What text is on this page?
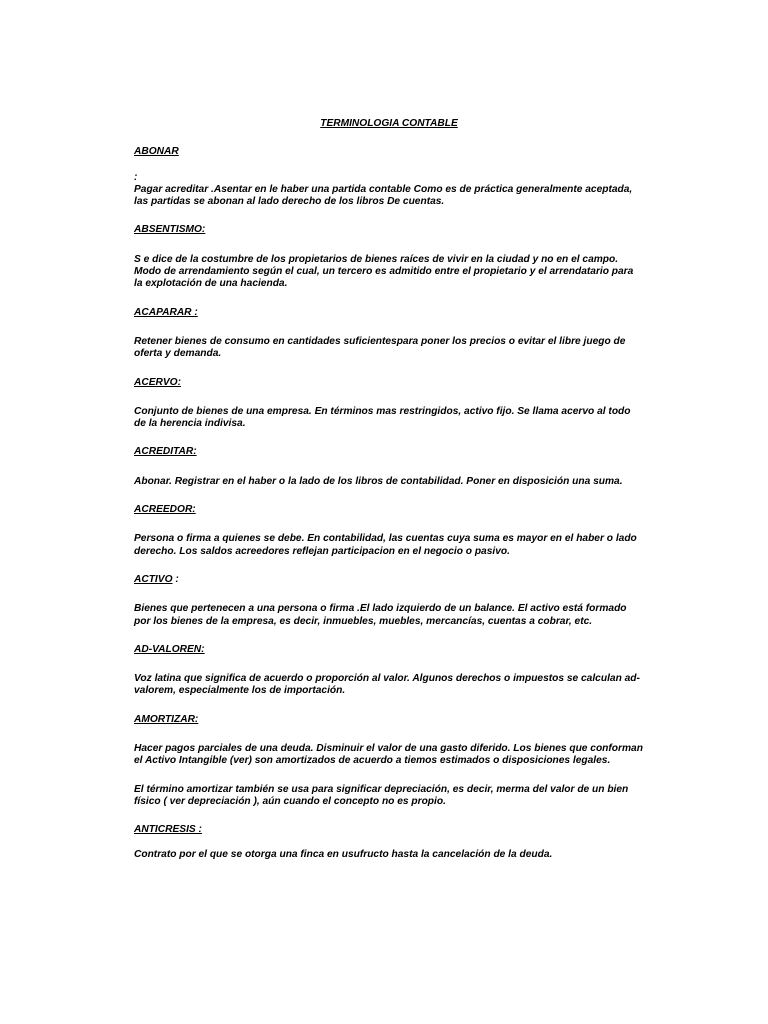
TERMINOLOGIA CONTABLE

ABONAR

:

Pagar acreditar .Asentar en le haber una partida contable Como es de práctica generalmente aceptada, las partidas se abonan al lado derecho de los libros De cuentas.

ABSENTISMO:

S e dice de la costumbre de los propietarios de bienes raíces de vivir en la ciudad y no en el campo. Modo de arrendamiento según el cual, un tercero es admitido entre el propietario y el arrendatario para la explotación de una hacienda.

ACAPARAR :

Retener bienes de consumo en cantidades suficientespara poner los precios o evitar el libre juego de oferta y demanda.

ACERVO:

Conjunto de bienes de una empresa. En términos mas restringidos, activo fijo. Se llama acervo al todo de la herencia indivisa.

ACREDITAR:

Abonar. Registrar en el haber o la lado de los libros de contabilidad. Poner en disposición una suma.

ACREEDOR:

Persona o firma a quienes se debe. En contabilidad, las cuentas cuya suma es mayor en el haber o lado derecho. Los saldos acreedores reflejan participacion en el negocio o pasivo.

ACTIVO :

Bienes que pertenecen a una persona o firma .El lado izquierdo de un balance. El activo está formado por los bienes de la empresa, es decir, inmuebles, muebles, mercancías, cuentas a cobrar, etc.

AD-VALOREN:

Voz latina que significa de acuerdo o proporción al valor. Algunos derechos o impuestos se calculan ad-valorem, especialmente los de importación.

AMORTIZAR:

Hacer pagos parciales de una deuda. Disminuir el valor de una gasto diferido. Los bienes que conforman el Activo Intangible (ver) son amortizados de acuerdo a tiemos estimados o disposiciones legales.

El término amortizar también se usa para significar depreciación, es decir, merma del valor de un bien físico ( ver depreciación ), aún cuando el concepto no es propio.

ANTICRESIS :

Contrato por el que se otorga una finca en usufructo hasta la cancelación de la deuda.
